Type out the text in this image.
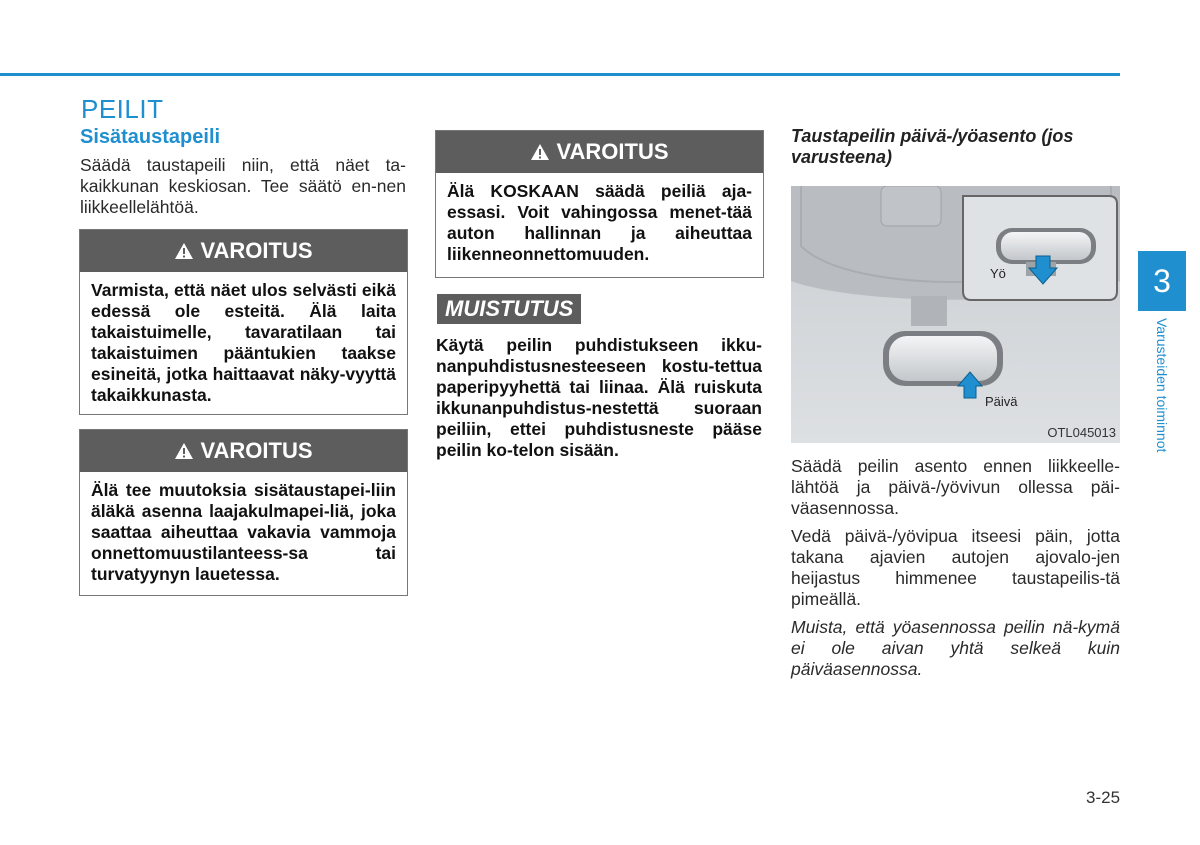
PEILIT
Sisätaustapeili
Säädä taustapeili niin, että näet ta-kaikkunan keskiosan. Tee säätö en-nen liikkeellelähtöä.
VAROITUS
Varmista, että näet ulos selvästi eikä edessä ole esteitä. Älä laita takaistuimelle, tavaratilaan tai takaistuimen pääntukien taakse esineitä, jotka haittaavat näky-vyyttä takaikkunasta.
VAROITUS
Älä tee muutoksia sisätaustapei-liin äläkä asenna laajakulmapei-liä, joka saattaa aiheuttaa vakavia vammoja onnettomuustilanteess-sa tai turvatyynyn lauetessa.
VAROITUS
Älä KOSKAAN säädä peiliä aja-essasi. Voit vahingossa menet-tää auton hallinnan ja aiheuttaa liikenneonnettomuuden.
MUISTUTUS
Käytä peilin puhdistukseen ikku-nanpuhdistusnesteeseen kostu-tettua paperipyyhettä tai liinaa. Älä ruiskuta ikkunanpuhdistus-nestettä suoraan peiliin, ettei puhdistusneste pääse peilin ko-telon sisään.
Taustapeilin päivä-/yöasento (jos varusteena)
Yö
Päivä
OTL045013
Säädä peilin asento ennen liikkeelle-lähtöä ja päivä-/yövivun ollessa päi-väasennossa.
Vedä päivä-/yövipua itseesi päin, jotta takana ajavien autojen ajovalo-jen heijastus himmenee taustapeilis-tä pimeällä.
Muista, että yöasennossa peilin nä-kymä ei ole aivan yhtä selkeä kuin päiväasennossa.
3
Varusteiden toiminnot
3-25
